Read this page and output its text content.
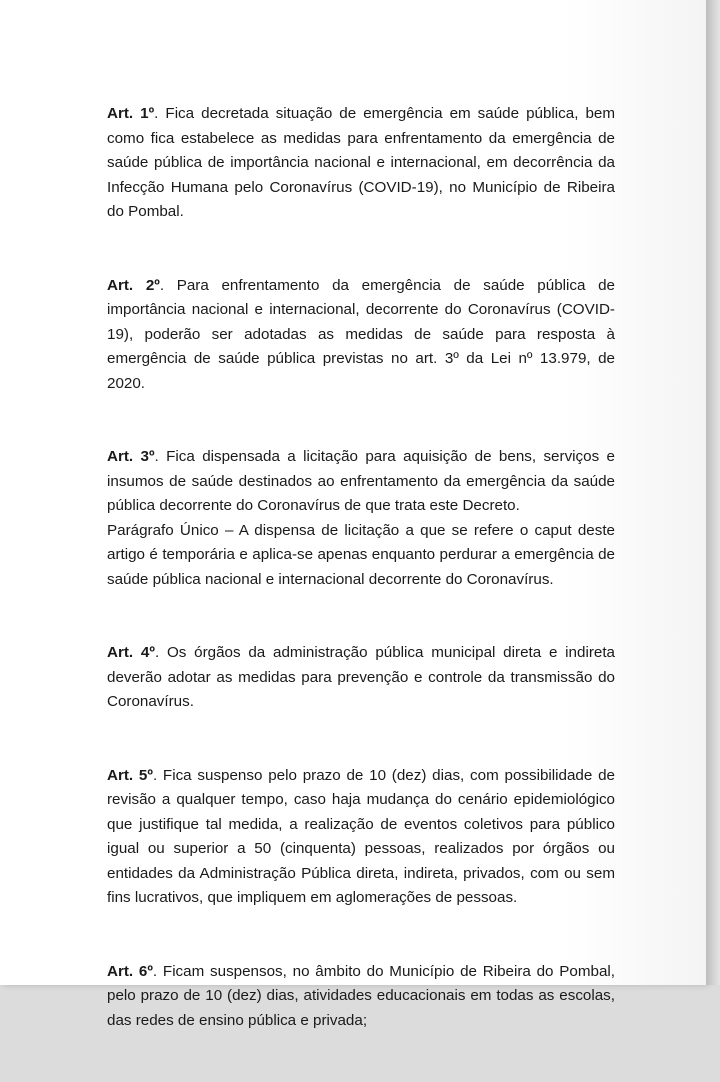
Art. 1º. Fica decretada situação de emergência em saúde pública, bem como fica estabelece as medidas para enfrentamento da emergência de saúde pública de importância nacional e internacional, em decorrência da Infecção Humana pelo Coronavírus (COVID-19), no Município de Ribeira do Pombal.

Art. 2º. Para enfrentamento da emergência de saúde pública de importância nacional e internacional, decorrente do Coronavírus (COVID-19), poderão ser adotadas as medidas de saúde para resposta à emergência de saúde pública previstas no art. 3º da Lei nº 13.979, de 2020.

Art. 3º. Fica dispensada a licitação para aquisição de bens, serviços e insumos de saúde destinados ao enfrentamento da emergência da saúde pública decorrente do Coronavírus de que trata este Decreto.

Parágrafo Único – A dispensa de licitação a que se refere o caput deste artigo é temporária e aplica-se apenas enquanto perdurar a emergência de saúde pública nacional e internacional decorrente do Coronavírus.

Art. 4º. Os órgãos da administração pública municipal direta e indireta deverão adotar as medidas para prevenção e controle da transmissão do Coronavírus.

Art. 5º. Fica suspenso pelo prazo de 10 (dez) dias, com possibilidade de revisão a qualquer tempo, caso haja mudança do cenário epidemiológico que justifique tal medida, a realização de eventos coletivos para público igual ou superior a 50 (cinquenta) pessoas, realizados por órgãos ou entidades da Administração Pública direta, indireta, privados, com ou sem fins lucrativos, que impliquem em aglomerações de pessoas.

Art. 6º. Ficam suspensos, no âmbito do Município de Ribeira do Pombal, pelo prazo de 10 (dez) dias, atividades educacionais em todas as escolas, das redes de ensino pública e privada;
